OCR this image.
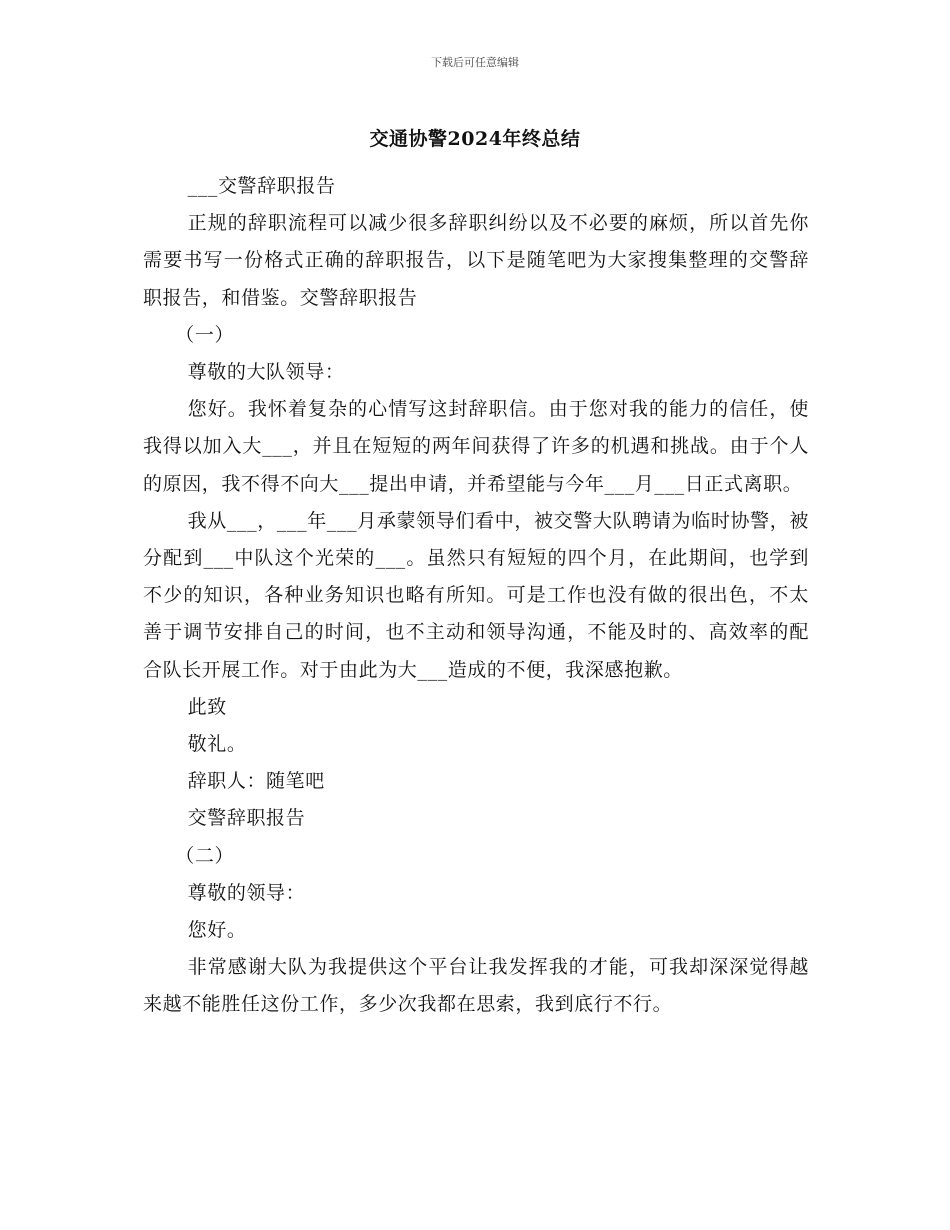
下载后可任意编辑
交通协警2024年终总结

___交警辞职报告

正规的辞职流程可以减少很多辞职纠纷以及不必要的麻烦，所以首先你需要书写一份格式正确的辞职报告，以下是随笔吧为大家搜集整理的交警辞职报告，和借鉴。交警辞职报告

（一）

尊敬的大队领导：

您好。我怀着复杂的心情写这封辞职信。由于您对我的能力的信任，使我得以加入大___，并且在短短的两年间获得了许多的机遇和挑战。由于个人的原因，我不得不向大___提出申请，并希望能与今年___月___日正式离职。

我从___，___年___月承蒙领导们看中，被交警大队聘请为临时协警，被分配到___中队这个光荣的___。虽然只有短短的四个月，在此期间，也学到不少的知识，各种业务知识也略有所知。可是工作也没有做的很出色，不太善于调节安排自己的时间，也不主动和领导沟通，不能及时的、高效率的配合队长开展工作。对于由此为大___造成的不便，我深感抱歉。

此致

敬礼。

辞职人：随笔吧

交警辞职报告

（二）

尊敬的领导：

您好。

非常感谢大队为我提供这个平台让我发挥我的才能，可我却深深觉得越来越不能胜任这份工作，多少次我都在思索，我到底行不行。
